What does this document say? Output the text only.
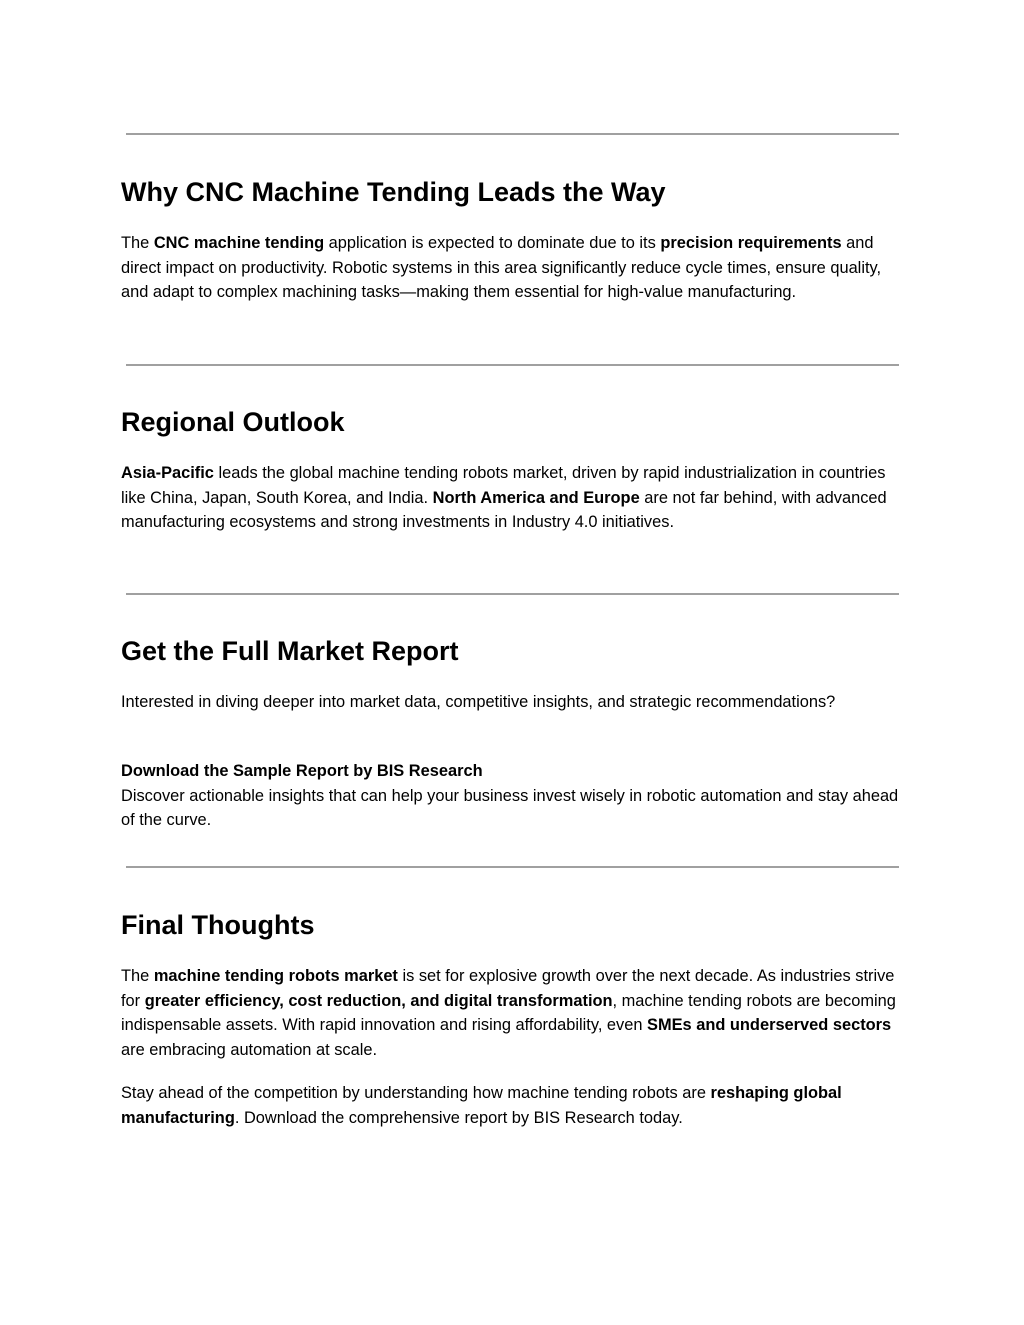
Why CNC Machine Tending Leads the Way

The CNC machine tending application is expected to dominate due to its precision requirements and direct impact on productivity. Robotic systems in this area significantly reduce cycle times, ensure quality, and adapt to complex machining tasks—making them essential for high-value manufacturing.

Regional Outlook

Asia-Pacific leads the global machine tending robots market, driven by rapid industrialization in countries like China, Japan, South Korea, and India. North America and Europe are not far behind, with advanced manufacturing ecosystems and strong investments in Industry 4.0 initiatives.

Get the Full Market Report

Interested in diving deeper into market data, competitive insights, and strategic recommendations?

Download the Sample Report by BIS Research
Discover actionable insights that can help your business invest wisely in robotic automation and stay ahead of the curve.

Final Thoughts

The machine tending robots market is set for explosive growth over the next decade. As industries strive for greater efficiency, cost reduction, and digital transformation, machine tending robots are becoming indispensable assets. With rapid innovation and rising affordability, even SMEs and underserved sectors are embracing automation at scale.

Stay ahead of the competition by understanding how machine tending robots are reshaping global manufacturing. Download the comprehensive report by BIS Research today.
